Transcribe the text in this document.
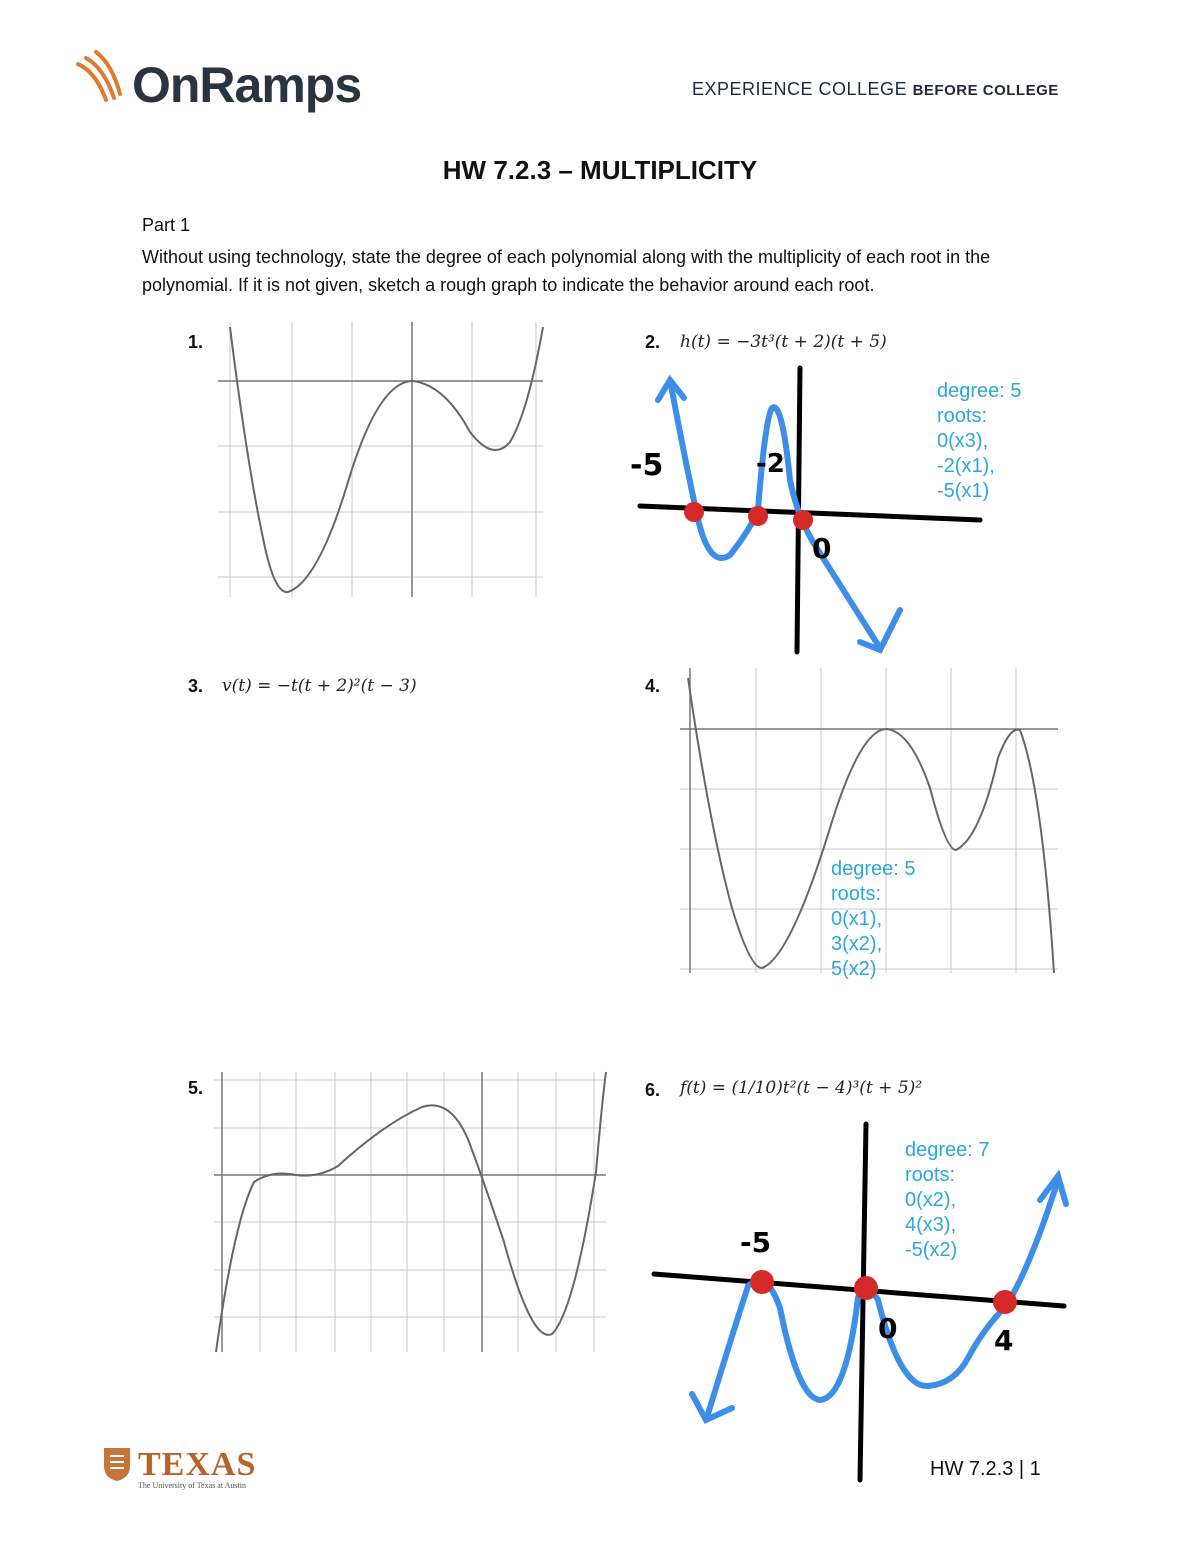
OnRamps	EXPERIENCE COLLEGE BEFORE COLLEGE
HW 7.2.3 – MULTIPLICITY
Part 1
Without using technology, state the degree of each polynomial along with the multiplicity of each root in the polynomial. If it is not given, sketch a rough graph to indicate the behavior around each root.
1.	2. h(t) = −3t³(t + 2)(t + 5)
-5	-2
0
degree: 5
roots:
0(x3),
-2(x1),
-5(x1)
3. v(t) = −t(t + 2)²(t − 3)	4.
degree: 5
roots:
0(x1),
3(x2),
5(x2)
5.	6. f(t) = (1/10)t²(t − 4)³(t + 5)²
-5
0	4
degree: 7
roots:
0(x2),
4(x3),
-5(x2)
TEXAS
The University of Texas at Austin
HW 7.2.3 | 1
